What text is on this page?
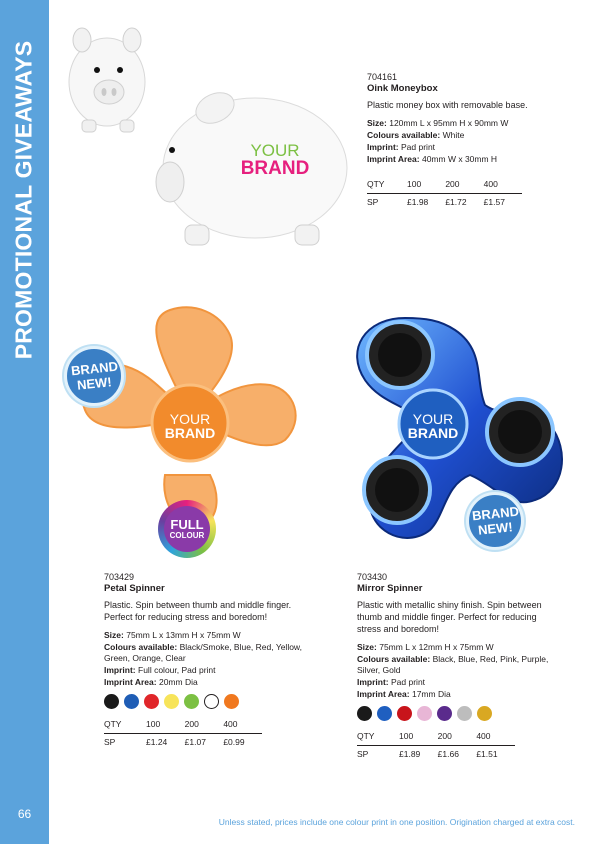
PROMOTIONAL GIVEAWAYS
66
YOUR
BRAND
704161
Oink Moneybox
Plastic money box with removable base.
Size: 120mm L x 95mm H x 90mm W
Colours available: White
Imprint: Pad print
Imprint Area: 40mm W x 30mm H
QTY	100	200	400
SP	£1.98	£1.72	£1.57
YOUR
BRAND
BRAND
NEW!
FULL
COLOUR
703429
Petal Spinner
Plastic. Spin between thumb and middle finger. Perfect for reducing stress and boredom!
Size: 75mm L x 13mm H x 75mm W
Colours available: Black/Smoke, Blue, Red, Yellow, Green, Orange, Clear
Imprint: Full colour, Pad print
Imprint Area: 20mm Dia
QTY	100	200	400
SP	£1.24	£1.07	£0.99
YOUR
BRAND
BRAND
NEW!
703430
Mirror Spinner
Plastic with metallic shiny finish. Spin between thumb and middle finger. Perfect for reducing stress and boredom!
Size: 75mm L x 12mm H x 75mm W
Colours available: Black, Blue, Red, Pink, Purple, Silver, Gold
Imprint: Pad print
Imprint Area: 17mm Dia
QTY	100	200	400
SP	£1.89	£1.66	£1.51
Unless stated, prices include one colour print in one position. Origination charged at extra cost.
